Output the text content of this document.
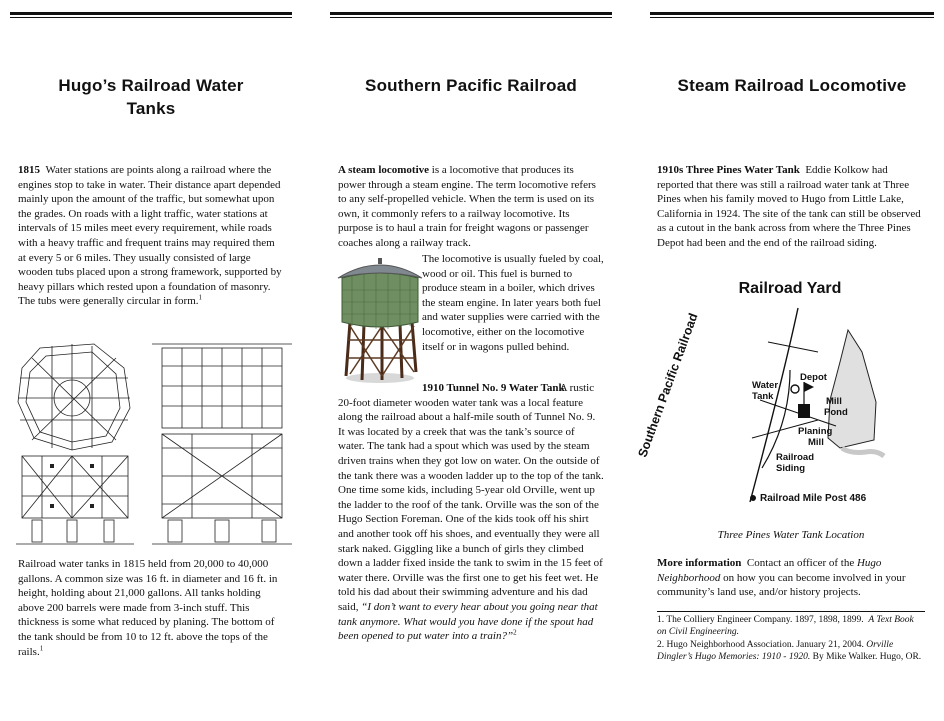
Hugo’s Railroad Water Tanks

1815 Water stations are points along a railroad where the engines stop to take in water. Their distance apart depended mainly upon the amount of the traffic, but somewhat upon the grades. On roads with a light traffic, water stations at intervals of 15 miles meet every requirement, while roads with a heavy traffic and frequent trains may required them at every 5 or 6 miles. They usually consisted of large wooden tubs placed upon a strong framework, supported by heavy pillars which rested upon a foundation of masonry. The tubs were generally circular in form.$^1$

Railroad water tanks in 1815 held from 20,000 to 40,000 gallons. A common size was 16 ft. in diameter and 16 ft. in height, holding about 21,000 gallons. All tanks holding above 200 barrels were made from 3-inch stuff. This thickness is some what reduced by planing. The bottom of the tank should be from 10 to 12 ft. above the tops of the rails.$^1$

Southern Pacific Railroad

A steam locomotive is a locomotive that produces its power through a steam engine. The term locomotive refers to any self-propelled vehicle. When the term is used on its own, it commonly refers to a railway locomotive. Its purpose is to haul a train for freight wagons or passenger coaches along a railway track.

The locomotive is usually fueled by coal, wood or oil. This fuel is burned to produce steam in a boiler, which drives the steam engine. In later years both fuel and water supplies were carried with the locomotive, either on the locomotive itself or in wagons pulled behind.

1910 Tunnel No. 9 Water Tank

A rustic 20-foot diameter wooden water tank was a local feature along the railroad about a half-mile south of Tunnel No. 9. It was located by a creek that was the tank’s source of water. The tank had a spout which was used by the steam driven trains when they got low on water. On the outside of the tank there was a wooden ladder up to the top of the tank. One time some kids, including 5-year old Orville, went up the ladder to the roof of the tank. Orville was the son of the Hugo Section Foreman. One of the kids took off his shirt and another took off his shoes, and eventually they were all stark naked. Giggling like a bunch of girls they climbed down a ladder fixed inside the tank to swim in the 15 feet of water there. Orville was the first one to get his feet wet. He told his dad about their swimming adventure and his dad said, “I don’t want to every hear about you going near that tank anymore. What would you have done if the spout had been opened to put water into a train?”$^2$

Steam Railroad Locomotive

1910s Three Pines Water Tank Eddie Kolkow had reported that there was still a railroad water tank at Three Pines when his family moved to Hugo from Little Lake, California in 1924. The site of the tank can still be observed as a cutout in the bank across from where the Three Pines Depot had been and the end of the railroad siding.

Railroad Yard
Southern Pacific Railroad	Water Tank
Depot
Mill Pond
Planing Mill
Railroad Siding
Railroad Mile Post 486
Three Pines Water Tank Location

More information Contact an officer of the Hugo Neighborhood on how you can become involved in your community’s land use, and/or history projects.

1. The Colliery Engineer Company. 1897, 1898, 1899. A Text Book on Civil Engineering.

2. Hugo Neighborhood Association. January 21, 2004. Orville Dingler’s Hugo Memories: 1910 - 1920. By Mike Walker. Hugo, OR.
